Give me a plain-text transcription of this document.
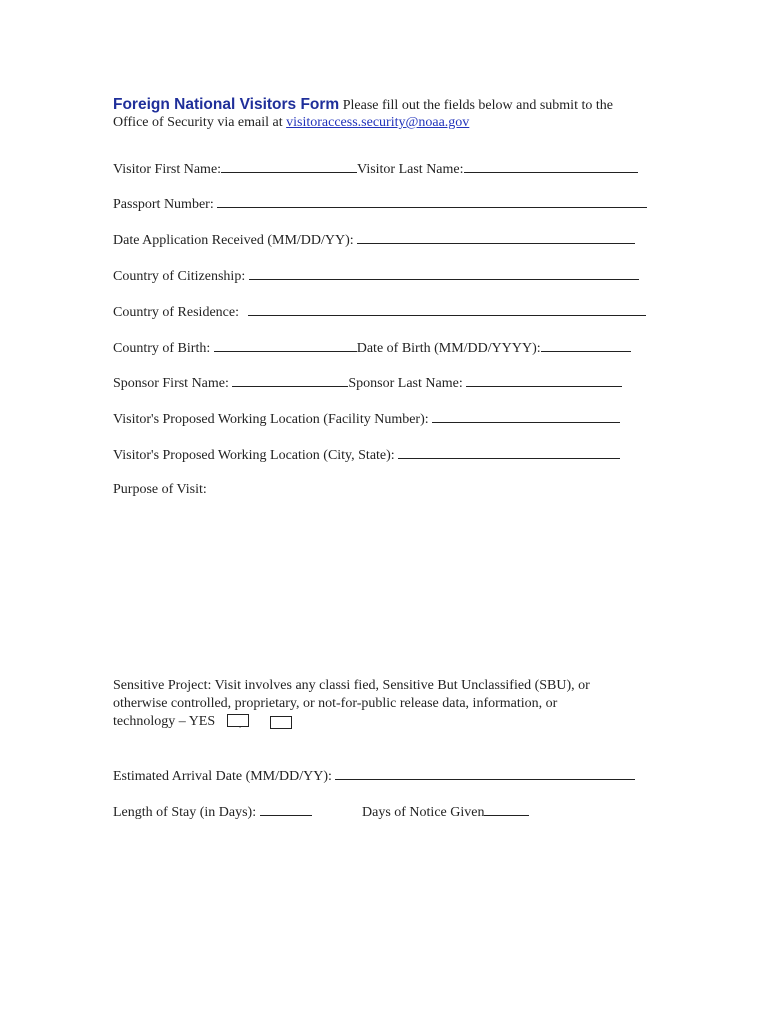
Foreign National Visitors Form Please fill out the fields below and submit to the
Office of Security via email at visitoraccess.security@noaa.gov
Visitor First Name:	Visitor Last Name:
Passport Number:
Date Application Received (MM/DD/YY):
Country of Citizenship:
Country of Residence:
Country of Birth:	Date of Birth (MM/DD/YYYY):
Sponsor First Name:	Sponsor Last Name:
Visitor's Proposed Working Location (Facility Number):
Visitor's Proposed Working Location (City, State):
Purpose of Visit:
Sensitive Project: Visit involves any classi fied, Sensitive But Unclassified (SBU), or
otherwise controlled, proprietary, or not-for-public release data, information, or
technology – YES
Estimated Arrival Date (MM/DD/YY):
Length of Stay (in Days):	Days of Notice Given
